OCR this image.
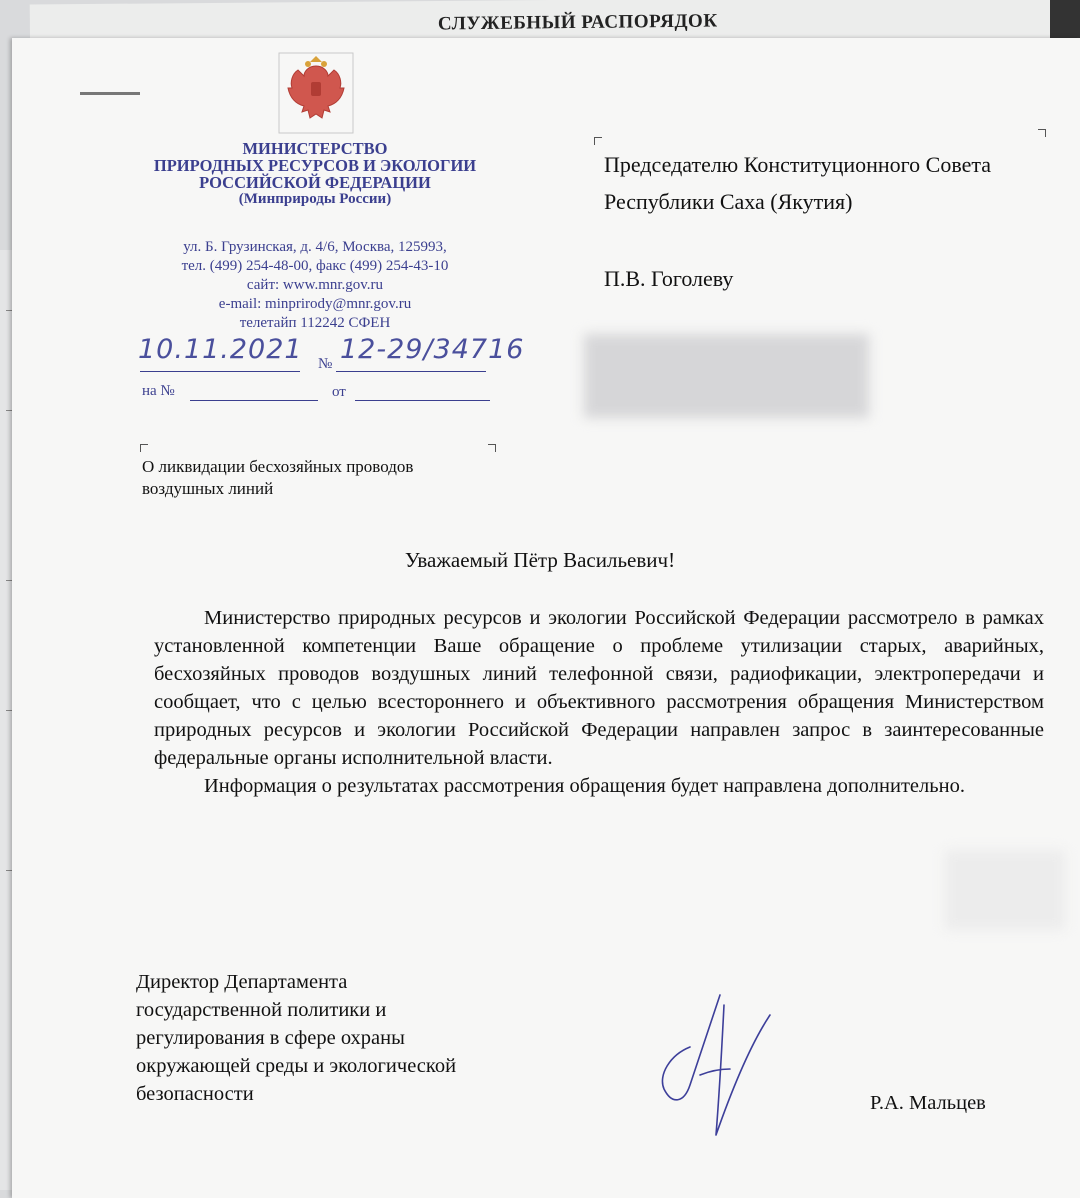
СЛУЖЕБНЫЙ РАСПОРЯДОК
МИНИСТЕРСТВО
ПРИРОДНЫХ РЕСУРСОВ И ЭКОЛОГИИ
РОССИЙСКОЙ ФЕДЕРАЦИИ
(Минприроды России)
ул. Б. Грузинская, д. 4/6, Москва, 125993,
тел. (499) 254-48-00, факс (499) 254-43-10
сайт: www.mnr.gov.ru
e-mail: minprirody@mnr.gov.ru
телетайп 112242 СФЕН
10.11.2021 № 12-29/34716
на №	от
Председателю Конституционного Совета
Республики Саха (Якутия)
П.В. Гоголеву
О ликвидации бесхозяйных проводов
воздушных линий
Уважаемый Пётр Васильевич!

Министерство природных ресурсов и экологии Российской Федерации рассмотрело в рамках установленной компетенции Ваше обращение о проблеме утилизации старых, аварийных, бесхозяйных проводов воздушных линий телефонной связи, радиофикации, электропередачи и сообщает, что с целью всестороннего и объективного рассмотрения обращения Министерством природных ресурсов и экологии Российской Федерации направлен запрос в заинтересованные федеральные органы исполнительной власти.

Информация о результатах рассмотрения обращения будет направлена дополнительно.

Директор Департамента
государственной политики и
регулирования в сфере охраны
окружающей среды и экологической
безопасности	Р.А. Мальцев
